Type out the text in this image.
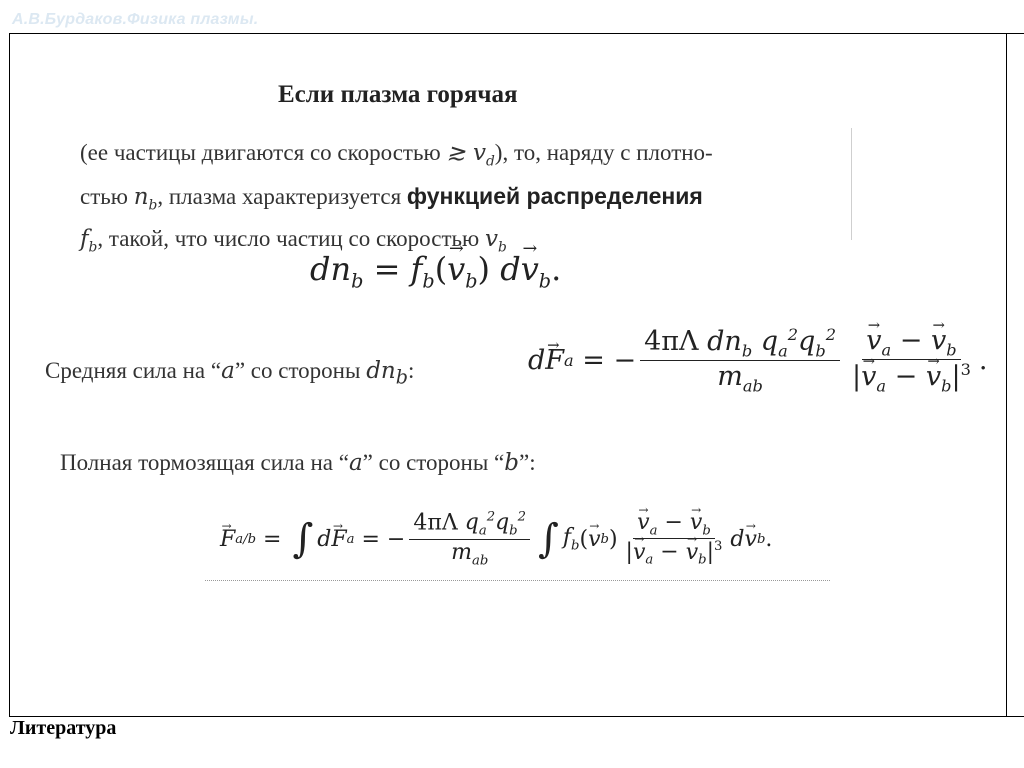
А.В.Бурдаков.Физика плазмы.
Если плазма горячая
(ее частицы двигаются со скоростью ≳ $v_d$), то, наряду с плотно-
стью $n_b$, плазма характеризуется функцией распределения
$f_b$, такой, что число частиц со скоростью $v_b$
$dn_b = f_b(\to v_b)$ $d\to v_b$.
Средняя сила на “a” со стороны $dn_b$:	d
→ F a = − $\frac{4\pi\Lambda dn_b q_a^2q_b^2}{m_{ab}}$
→ $\frac{v_a - \to v_b}{|\to v_a - \to v_b|^3}$ .
Полная тормозящая сила на “a” со стороны “b”:
→ F a/b = ∫ d
→ F a = − $\frac{4\pi\Lambda q_a^2q_b^2}{m_{ab}}$ ∫ $f_b$ (
→ v b )
→ $\frac{v_a - \to v_b}{|\to v_a - \to v_b|^3}$ d
→ v b .
Литература
